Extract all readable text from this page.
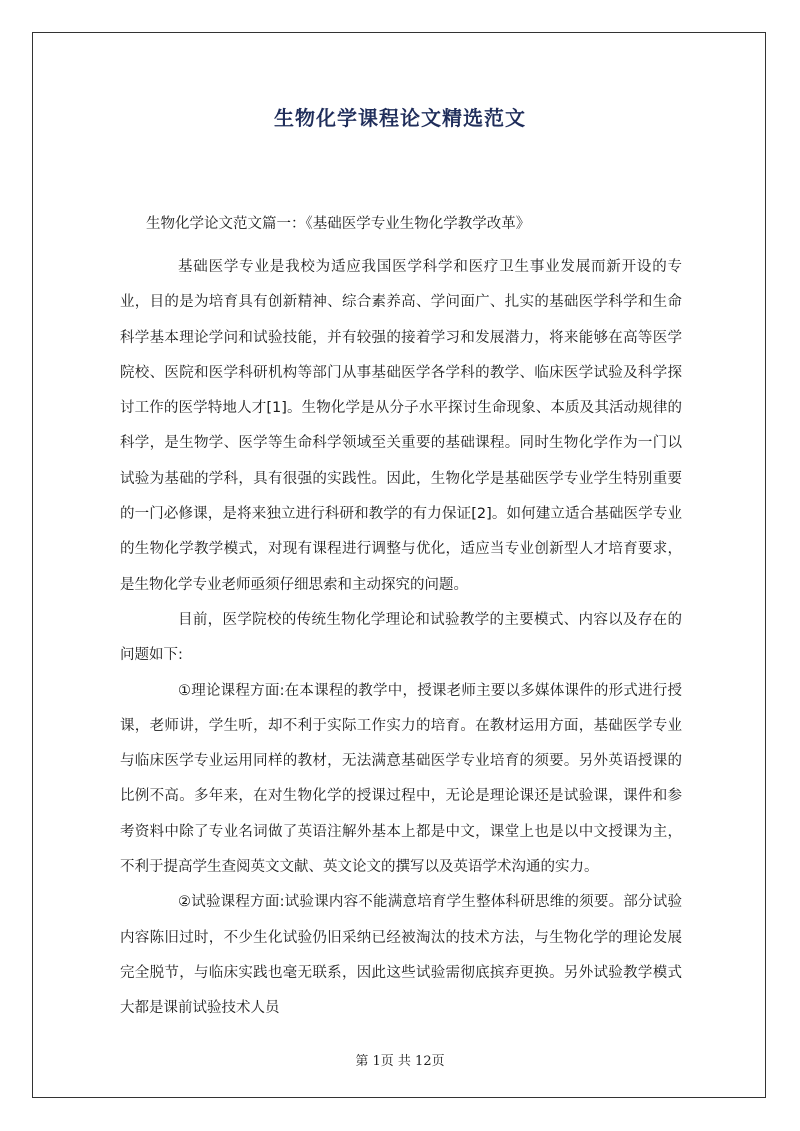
生物化学课程论文精选范文
生物化学论文范文篇一：《基础医学专业生物化学教学改革》

基础医学专业是我校为适应我国医学科学和医疗卫生事业发展而新开设的专业，目的是为培育具有创新精神、综合素养高、学问面广、扎实的基础医学科学和生命科学基本理论学问和试验技能，并有较强的接着学习和发展潜力，将来能够在高等医学院校、医院和医学科研机构等部门从事基础医学各学科的教学、临床医学试验及科学探讨工作的医学特地人才[1]。生物化学是从分子水平探讨生命现象、本质及其活动规律的科学，是生物学、医学等生命科学领域至关重要的基础课程。同时生物化学作为一门以试验为基础的学科，具有很强的实践性。因此，生物化学是基础医学专业学生特别重要的一门必修课，是将来独立进行科研和教学的有力保证[2]。如何建立适合基础医学专业的生物化学教学模式，对现有课程进行调整与优化，适应当专业创新型人才培育要求，是生物化学专业老师亟须仔细思索和主动探究的问题。

目前，医学院校的传统生物化学理论和试验教学的主要模式、内容以及存在的问题如下:

①理论课程方面:在本课程的教学中，授课老师主要以多媒体课件的形式进行授课，老师讲，学生听，却不利于实际工作实力的培育。在教材运用方面，基础医学专业与临床医学专业运用同样的教材，无法满意基础医学专业培育的须要。另外英语授课的比例不高。多年来，在对生物化学的授课过程中，无论是理论课还是试验课，课件和参考资料中除了专业名词做了英语注解外基本上都是中文，课堂上也是以中文授课为主，不利于提高学生查阅英文文献、英文论文的撰写以及英语学术沟通的实力。

②试验课程方面:试验课内容不能满意培育学生整体科研思维的须要。部分试验内容陈旧过时，不少生化试验仍旧采纳已经被淘汰的技术方法，与生物化学的理论发展完全脱节，与临床实践也毫无联系，因此这些试验需彻底摈弃更换。另外试验教学模式大都是课前试验技术人员

第 1页 共 12页
